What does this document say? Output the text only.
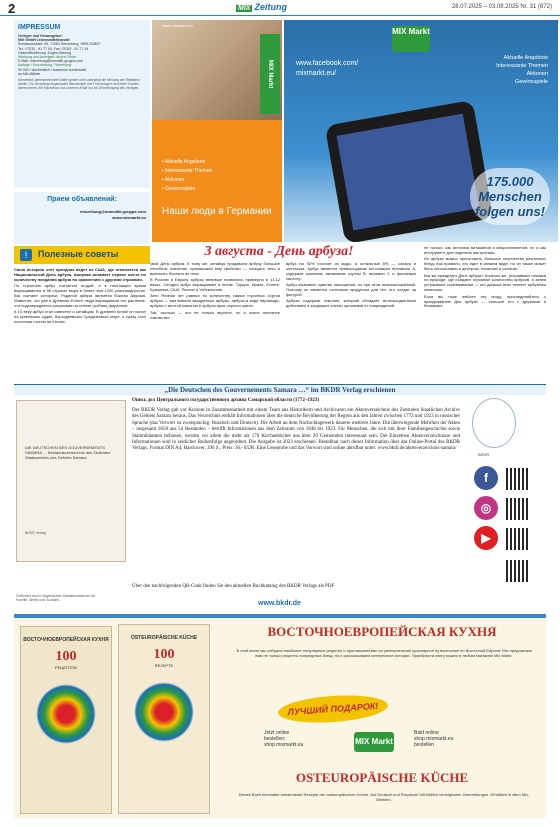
2	MIX Zeitung	28.07.2025 – 03.08.2025 Nr. 31 (872)
IMPRESSUM
Verleger und Herausgeber:
MIX GmbH Lebensmittelhandel
Schwarzwaldstr. 99, 71083 Herrenberg, HRB 244827
Tel.: 07032 - 91 77 00, Fax: 07032 - 91 77 19
Geschäftsführung: Eugen Meining
Werbung und Anzeigen: Andrei Felde
E-Mail: mixzeitung@monolith-gruppe.com
Auflage / Erscheinung / Verteilung:
59 000 / wöchentlich / kostenlos bundesweit
an Mix-Märkte
Namentlich gekennzeichnete Artikel geben nicht unbedingt die Meinung der Redaktion wieder. Für unverlangt eingesandte Manuskripte und Fotovorlagen wird keine Gewähr übernommen. Ein Nachdruck aus unserem Inhalt nur mit Genehmigung des Verlages.
Прием объявлений:
mixzeitung@monolith-gruppe.com
www.mixmarkt.eu
www.mixmarkt.eu
MIX Markt
• Aktuelle Angebote
• Interessante Themen
• Aktionen
• Gewinnspiele
Наши люди в Германии
www.facebook.com/
mixmarkt.eu/
MIX Markt
Aktuelle Angebote
Interessante Themen
Aktionen
Gewinnspiele
175.000 Menschen folgen uns!
!	Полезные советы	3 августа - День арбуза!

Свою историю этот праздник ведет из США, где отмечается как Национальный День арбуза. Америка занимает первое место по количеству поедания арбуза по сравнению с другими странами.

По строению арбуз считается ягодой, и в настоящее время выращивается в 96 странах мира в более чем 1200 разновидностях. Как считают историки, Родиной арбуза является Южная Африка. Известно, что уже в Древнем Египте люди выращивали это растение, что подтверждается рисунками на стенах гробниц фараонов.

К 10 веку арбуз стал известен и китайцам. В древней Китай он попал на купеческих судах, борозднивших Средиземное море, и сразу стал почетным гостем на столах.

свой День арбуза. К тому же, китайцы придавали арбузу большое лечебное значение, приписывая ему свойство — очищать тело и выносить болезни из тела.

В Россию и Европу арбузы впервые появились примерно в 11-12 веках. Сегодня арбуз выращивают в Китае, Турции, Иране, Египте, Бразилии, США, России и Узбекистане.

Зато Японии нет равных по количеству самых странных сортов арбуза — там вывели квадратные арбузы, арбузы в виде пирамиды, арбузы с желтой мякотью и арбузы ярко-черного цвета.

Так, сколько — это не только вкусное, но и очень полезное лакомство.

арбуз на 92% состоит из воды, а остальные 8% — сахара и клетчатка. Арбуз является превосходным источником витамина А, содержит комплекс витаминов группы В, витамин С и фолиевую кислоту.

Арбуз вызывает чувство насыщения, но при этом низкокалорийный. Поэтому он является отличным продуктом для тех, кто следит за фигурой.

Арбузы содержат ликопин, который обладает антиоксидантным действием и защищает клетки организма от повреждений.

не только, как источник витаминов и микроэлементов, но и как инструмент для поднятия настроения.

Из арбуза можно приготовить большое количество различных блюд. Как правило, его едят в свежем виде, но он также может быть использован в десертах, напитках и салатах.

Как же празднуют День арбуза? Конечно же, устраивают пикники на природе, где съедают огромное количество арбузов, а затем устраивают соревнования — кто дальше всех плюнет арбузным семечком.

Если вы тоже любите эту ягоду, присоединяйтесь к празднованию Дня арбуза — съешьте его с друзьями и близкими!

„Die Deutschen des Gouvernements Samara …“ im BKDR Verlag erschienen
DIE DEUTSCHEN DES GOUVERNEMENTS SAMARA … Bestandsverzeichnis des Zentralen Staatsarchivs des Gebiets Samara
BKDR Verlag
Опись дел Центрального государственного архива Самарской области (1772–1923)
Der BKDR Verlag gab vor Kurzem in Zusammenarbeit mit einem Team aus Historikern und Archivaren ein Aktenverzeichnis des Zentralen Staatlichen Archivs des Gebiets Samara heraus. Das Verzeichnis enthält Informationen über die deutsche Bevölkerung der Region aus den Jahren zwischen 1772 und 1923 in russischer Sprache (das Vorwort ist zweisprachig: Russisch und Deutsch). Die Arbeit an dem Nachschlagewerk dauerte mehrere Jahre. Die überwiegende Mehrheit der Akten – insgesamt 3058 aus 54 Beständen – betrifft Informationen aus dem Zeitraum von 1848 bis 1923. Für Menschen, die sich mit ihrer Familiengeschichte sowie Stammbäumen befassen, werden vor allem die mehr als 170 Kirchenbücher aus über 20 Gemeinden interessant sein. Die Einzelnen Aktenverzeichnisse und Informationen sind in zeitlicher Reihenfolge angeordnet. Die Ausgabe ist 2023 erschienen. Bestellbar nach dieser Information über das Online-Portal des BKDR Verlags. Format DIN A4, Hardcover, 396 S., Preis: 36,- EUR. Eine Leseprobe und das Vorwort sind online abrufbar unter: www.bkdr.de/aktenverzeichnis-samara/
Über den nachfolgenden QR-Code finden Sie den aktuellen Buchkatalog des BKDR Verlags als PDF
BKDR
f
◎
▶
Gefördert durch: Bayerisches Staatsministerium für Familie, Arbeit und Soziales	www.bkdr.de
ВОСТОЧНОЕВРОПЕЙСКАЯ КУХНЯ
100
РЕЦЕПТОВ
OSTEUROPÄISCHE KÜCHE
100
REZEPTE
ВОСТОЧНОЕВРОПЕЙСКАЯ КУХНЯ
В этой книге мы собрали наиболее популярные рецепты и приглашаем вас на увлекательное кулинарное путешествие по Восточной Европе! Мы предлагаем вам не только рецепты популярных блюд, но и рассказываем интересные истории. Приобрести книгу можно в любом магазине Mix Markt.
ЛУЧШИЙ ПОДАРОК!
Jetzt online
bestellen:
shop.mixmarkt.eu	MIX Markt
Bald online
shop.mixmarkt.eu
bestellen
OSTEUROPÄISCHE KÜCHE
Dieses Buch beinhaltet bekannteste Rezepte der osteuropäischen Küche. Auf Deutsch und Russisch! Mit bildlich verfolgbaren Zubereitungen. Erhältlich in allen Mix-Märkten.
